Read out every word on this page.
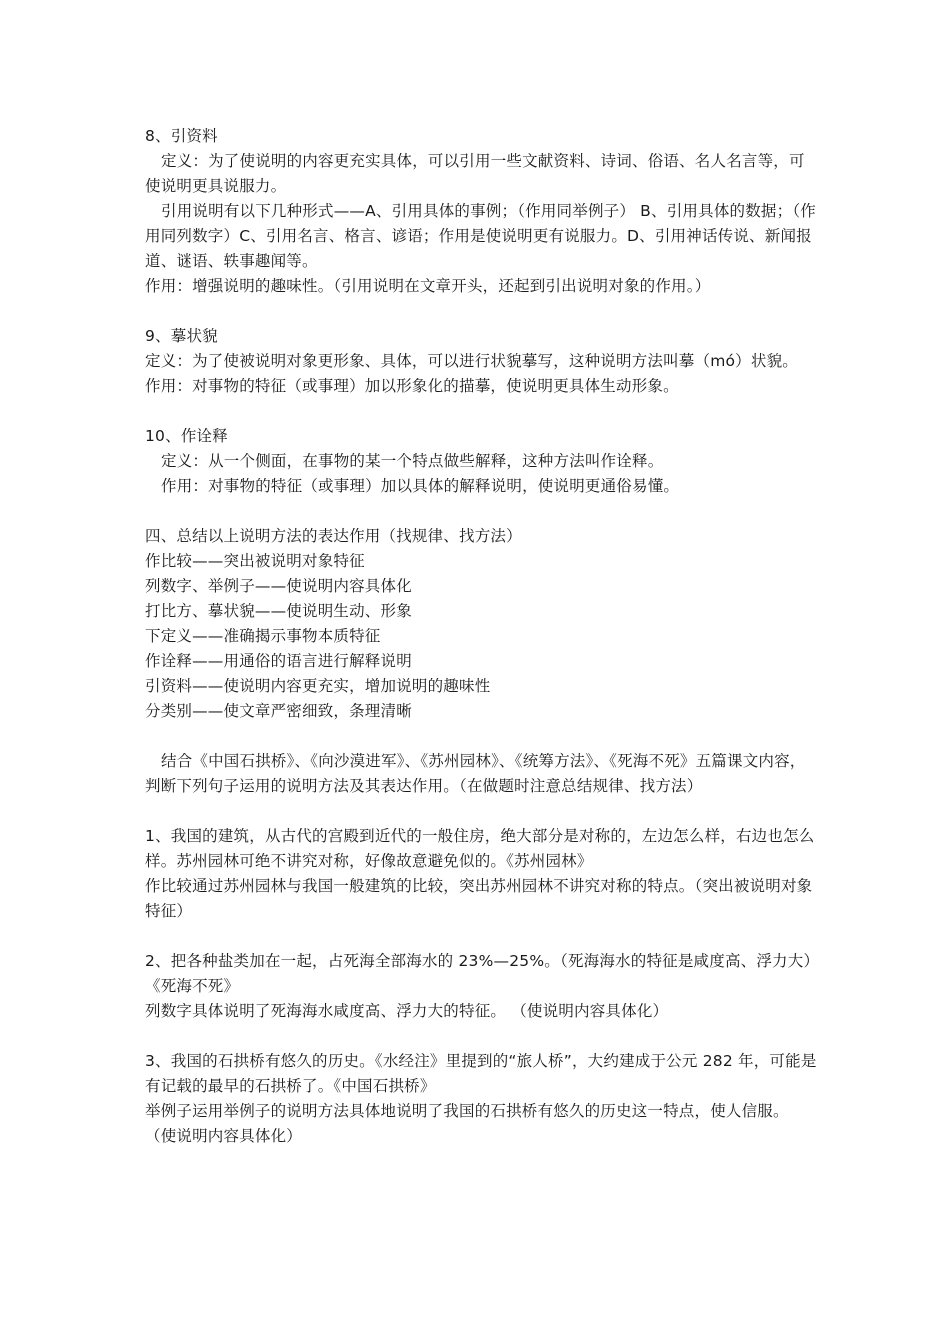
8、引资料

定义：为了使说明的内容更充实具体，可以引用一些文献资料、诗词、俗语、名人名言等，可使说明更具说服力。

引用说明有以下几种形式——A、引用具体的事例；（作用同举例子） B、引用具体的数据；（作用同列数字）C、引用名言、格言、谚语；作用是使说明更有说服力。D、引用神话传说、新闻报道、谜语、轶事趣闻等。

作用：增强说明的趣味性。（引用说明在文章开头，还起到引出说明对象的作用。）

9、摹状貌

定义：为了使被说明对象更形象、具体，可以进行状貌摹写，这种说明方法叫摹（mó）状貌。

作用：对事物的特征（或事理）加以形象化的描摹，使说明更具体生动形象。

10、作诠释

定义：从一个侧面，在事物的某一个特点做些解释，这种方法叫作诠释。

作用：对事物的特征（或事理）加以具体的解释说明，使说明更通俗易懂。

四、总结以上说明方法的表达作用（找规律、找方法）

作比较——突出被说明对象特征

列数字、举例子——使说明内容具体化

打比方、摹状貌——使说明生动、形象

下定义——准确揭示事物本质特征

作诠释——用通俗的语言进行解释说明

引资料——使说明内容更充实，增加说明的趣味性

分类别——使文章严密细致，条理清晰

结合《中国石拱桥》、《向沙漠进军》、《苏州园林》、《统筹方法》、《死海不死》五篇课文内容，判断下列句子运用的说明方法及其表达作用。（在做题时注意总结规律、找方法）

1、我国的建筑，从古代的宫殿到近代的一般住房，绝大部分是对称的，左边怎么样，右边也怎么样。苏州园林可绝不讲究对称，好像故意避免似的。《苏州园林》

作比较通过苏州园林与我国一般建筑的比较，突出苏州园林不讲究对称的特点。（突出被说明对象特征）

2、把各种盐类加在一起，占死海全部海水的 23%—25%。（死海海水的特征是咸度高、浮力大）《死海不死》

列数字具体说明了死海海水咸度高、浮力大的特征。 （使说明内容具体化）

3、我国的石拱桥有悠久的历史。《水经注》里提到的“旅人桥”，大约建成于公元 282 年，可能是有记载的最早的石拱桥了。《中国石拱桥》

举例子运用举例子的说明方法具体地说明了我国的石拱桥有悠久的历史这一特点，使人信服。 （使说明内容具体化）
